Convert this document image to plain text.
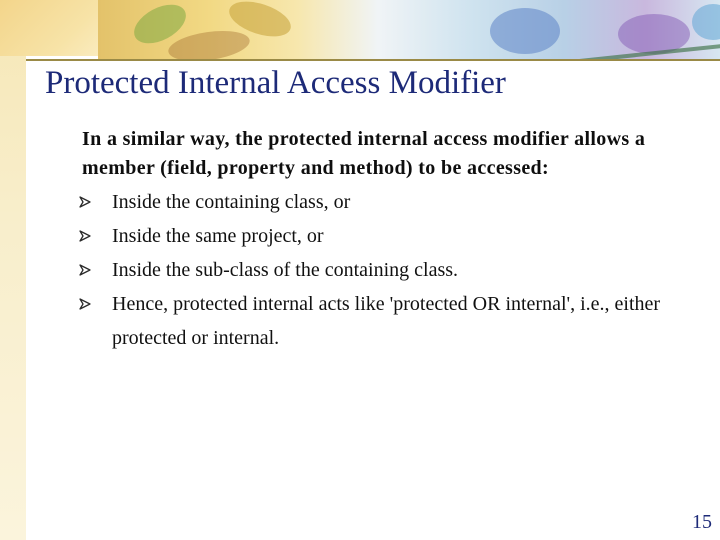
Protected Internal Access Modifier
In a similar way, the protected internal access modifier allows a member (field, property and method) to be accessed:
Inside the containing class, or
Inside the same project, or
Inside the sub-class of the containing class.
Hence, protected internal acts like 'protected OR internal', i.e., either protected or internal.
15
